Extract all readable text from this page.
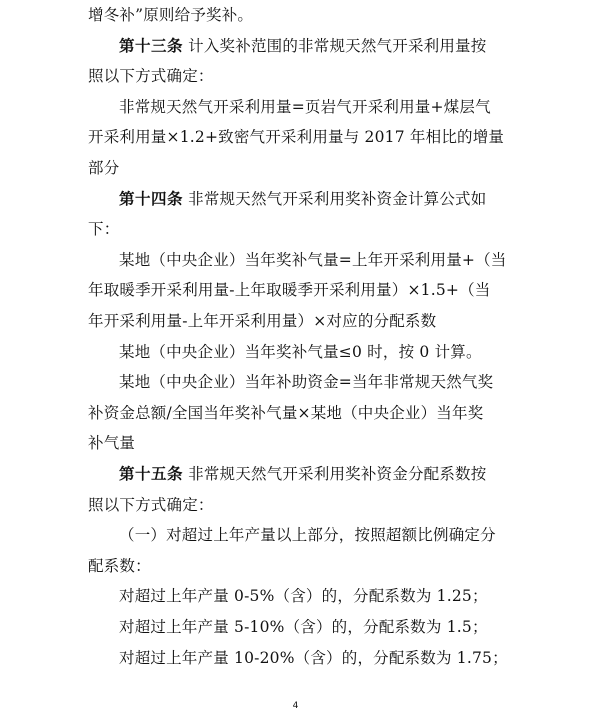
增冬补”原则给予奖补。
第十三条 计入奖补范围的非常规天然气开采利用量按
照以下方式确定：
非常规天然气开采利用量=页岩气开采利用量+煤层气
开采利用量×1.2+致密气开采利用量与 2017 年相比的增量
部分
第十四条 非常规天然气开采利用奖补资金计算公式如
下：
某地（中央企业）当年奖补气量=上年开采利用量+（当
年取暖季开采利用量-上年取暖季开采利用量）×1.5+（当
年开采利用量-上年开采利用量）×对应的分配系数
某地（中央企业）当年奖补气量≤0 时，按 0 计算。
某地（中央企业）当年补助资金=当年非常规天然气奖
补资金总额/全国当年奖补气量×某地（中央企业）当年奖
补气量
第十五条 非常规天然气开采利用奖补资金分配系数按
照以下方式确定：
（一）对超过上年产量以上部分，按照超额比例确定分
配系数：
对超过上年产量 0-5%（含）的，分配系数为 1.25；
对超过上年产量 5-10%（含）的，分配系数为 1.5；
对超过上年产量 10-20%（含）的，分配系数为 1.75；
4
